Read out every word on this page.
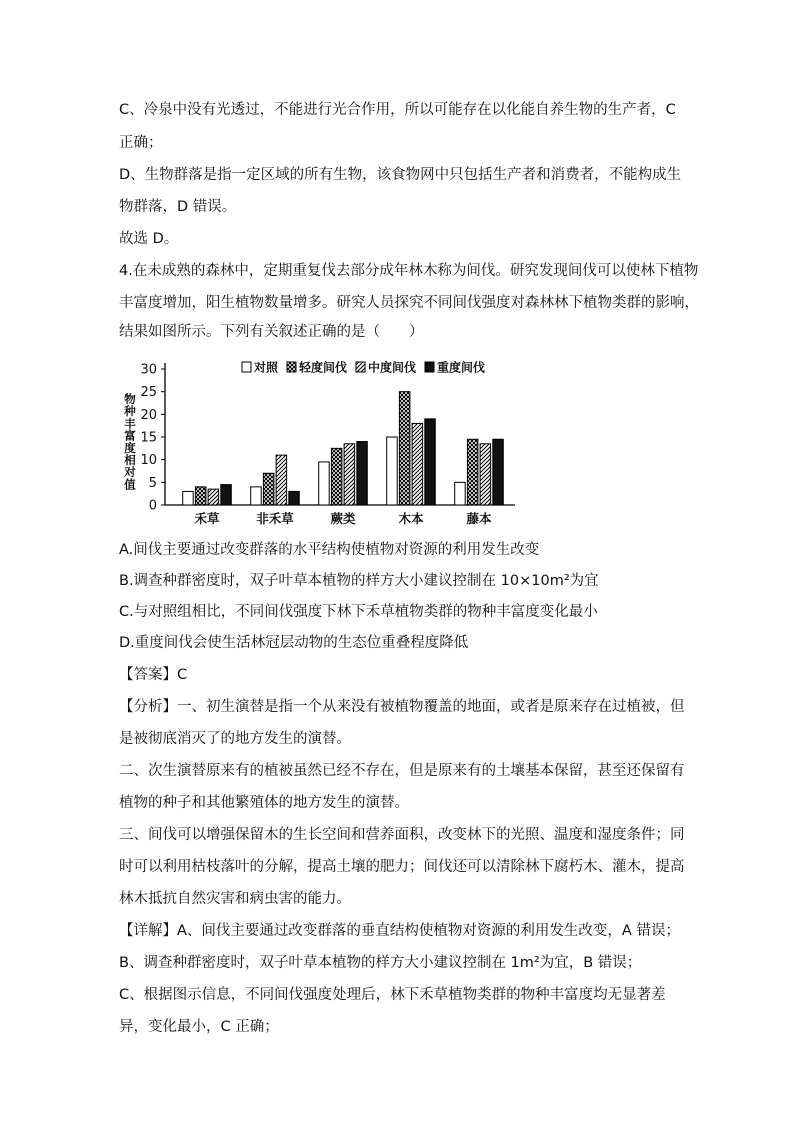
C、冷泉中没有光透过，不能进行光合作用，所以可能存在以化能自养生物的生产者，C
正确；
D、生物群落是指一定区域的所有生物，该食物网中只包括生产者和消费者，不能构成生
物群落，D 错误。
故选 D。
4.在未成熟的森林中，定期重复伐去部分成年林木称为间伐。研究发现间伐可以使林下植物
丰富度增加，阳生植物数量增多。研究人员探究不同间伐强度对森林林下植物类群的影响，
结果如图所示。下列有关叙述正确的是（　　）
物种丰富度相对值
0
5
10
15
20
25
30
禾草	非禾草	蕨类	木本	藤本
对照 轻度间伐 中度间伐 重度间伐
A.间伐主要通过改变群落的水平结构使植物对资源的利用发生改变
B.调查种群密度时，双子叶草本植物的样方大小建议控制在 10×10m²为宜
C.与对照组相比，不同间伐强度下林下禾草植物类群的物种丰富度变化最小
D.重度间伐会使生活林冠层动物的生态位重叠程度降低
【答案】C
【分析】一、初生演替是指一个从来没有被植物覆盖的地面，或者是原来存在过植被，但
是被彻底消灭了的地方发生的演替。
二、次生演替原来有的植被虽然已经不存在，但是原来有的土壤基本保留，甚至还保留有
植物的种子和其他繁殖体的地方发生的演替。
三、间伐可以增强保留木的生长空间和营养面积，改变林下的光照、温度和湿度条件；同
时可以利用枯枝落叶的分解，提高土壤的肥力；间伐还可以清除林下腐朽木、灌木，提高
林木抵抗自然灾害和病虫害的能力。
【详解】A、间伐主要通过改变群落的垂直结构使植物对资源的利用发生改变，A 错误；
B、调查种群密度时，双子叶草本植物的样方大小建议控制在 1m²为宜，B 错误；
C、根据图示信息，不同间伐强度处理后，林下禾草植物类群的物种丰富度均无显著差
异，变化最小，C 正确；
